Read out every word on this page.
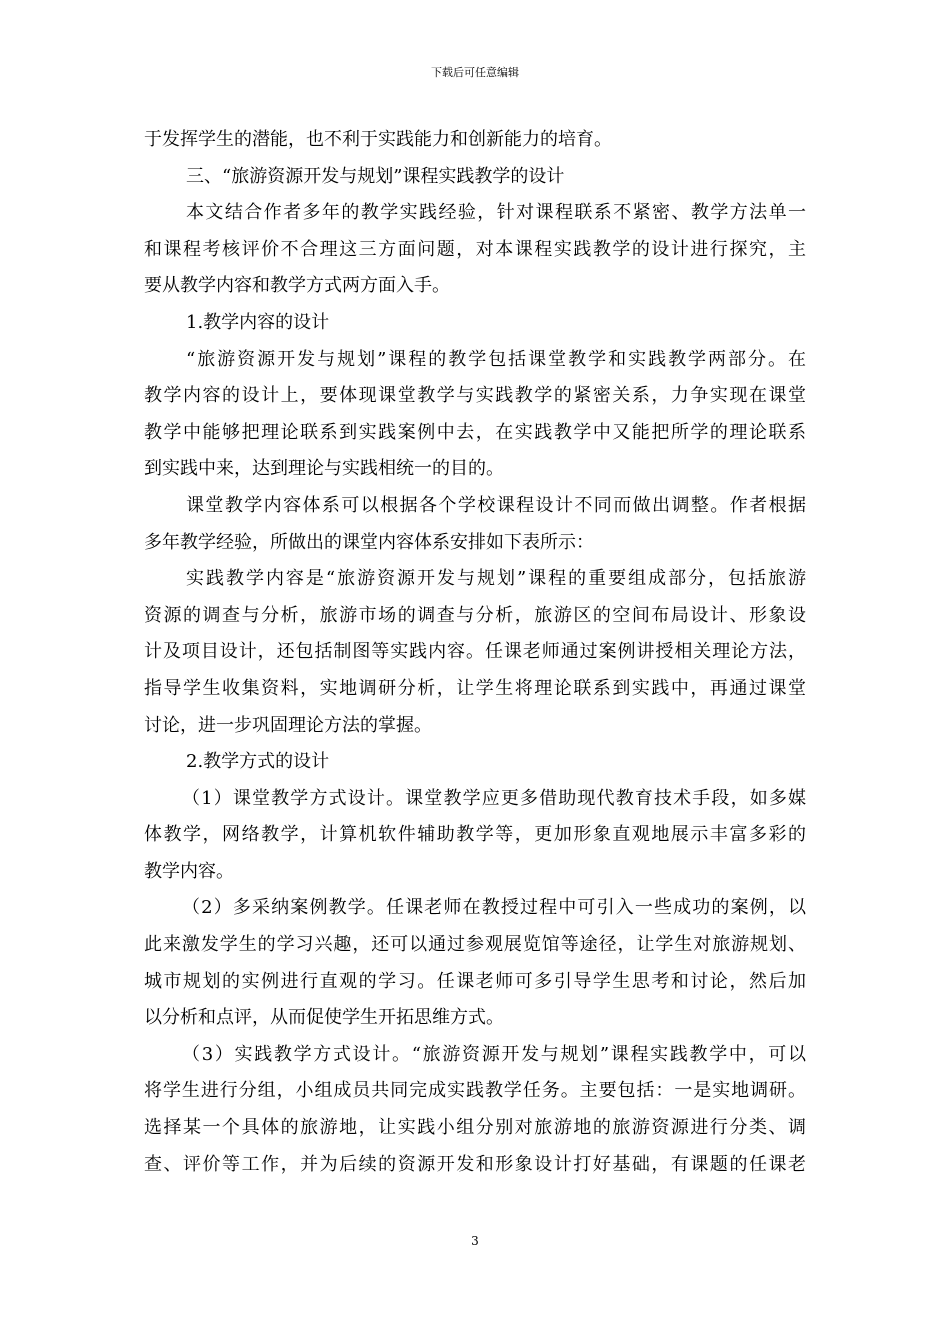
下载后可任意编辑
于发挥学生的潜能，也不利于实践能力和创新能力的培育。
三、“旅游资源开发与规划”课程实践教学的设计
本文结合作者多年的教学实践经验，针对课程联系不紧密、教学方法单一
和课程考核评价不合理这三方面问题，对本课程实践教学的设计进行探究，主
要从教学内容和教学方式两方面入手。
1.教学内容的设计
“旅游资源开发与规划”课程的教学包括课堂教学和实践教学两部分。在
教学内容的设计上，要体现课堂教学与实践教学的紧密关系，力争实现在课堂
教学中能够把理论联系到实践案例中去，在实践教学中又能把所学的理论联系
到实践中来，达到理论与实践相统一的目的。
课堂教学内容体系可以根据各个学校课程设计不同而做出调整。作者根据
多年教学经验，所做出的课堂内容体系安排如下表所示：
实践教学内容是“旅游资源开发与规划”课程的重要组成部分，包括旅游
资源的调查与分析，旅游市场的调查与分析，旅游区的空间布局设计、形象设
计及项目设计，还包括制图等实践内容。任课老师通过案例讲授相关理论方法，
指导学生收集资料，实地调研分析，让学生将理论联系到实践中，再通过课堂
讨论，进一步巩固理论方法的掌握。
2.教学方式的设计
（1）课堂教学方式设计。课堂教学应更多借助现代教育技术手段，如多媒
体教学，网络教学，计算机软件辅助教学等，更加形象直观地展示丰富多彩的
教学内容。
（2）多采纳案例教学。任课老师在教授过程中可引入一些成功的案例，以
此来激发学生的学习兴趣，还可以通过参观展览馆等途径，让学生对旅游规划、
城市规划的实例进行直观的学习。任课老师可多引导学生思考和讨论，然后加
以分析和点评，从而促使学生开拓思维方式。
（3）实践教学方式设计。“旅游资源开发与规划”课程实践教学中，可以
将学生进行分组，小组成员共同完成实践教学任务。主要包括：一是实地调研。
选择某一个具体的旅游地，让实践小组分别对旅游地的旅游资源进行分类、调
查、评价等工作，并为后续的资源开发和形象设计打好基础，有课题的任课老
3
